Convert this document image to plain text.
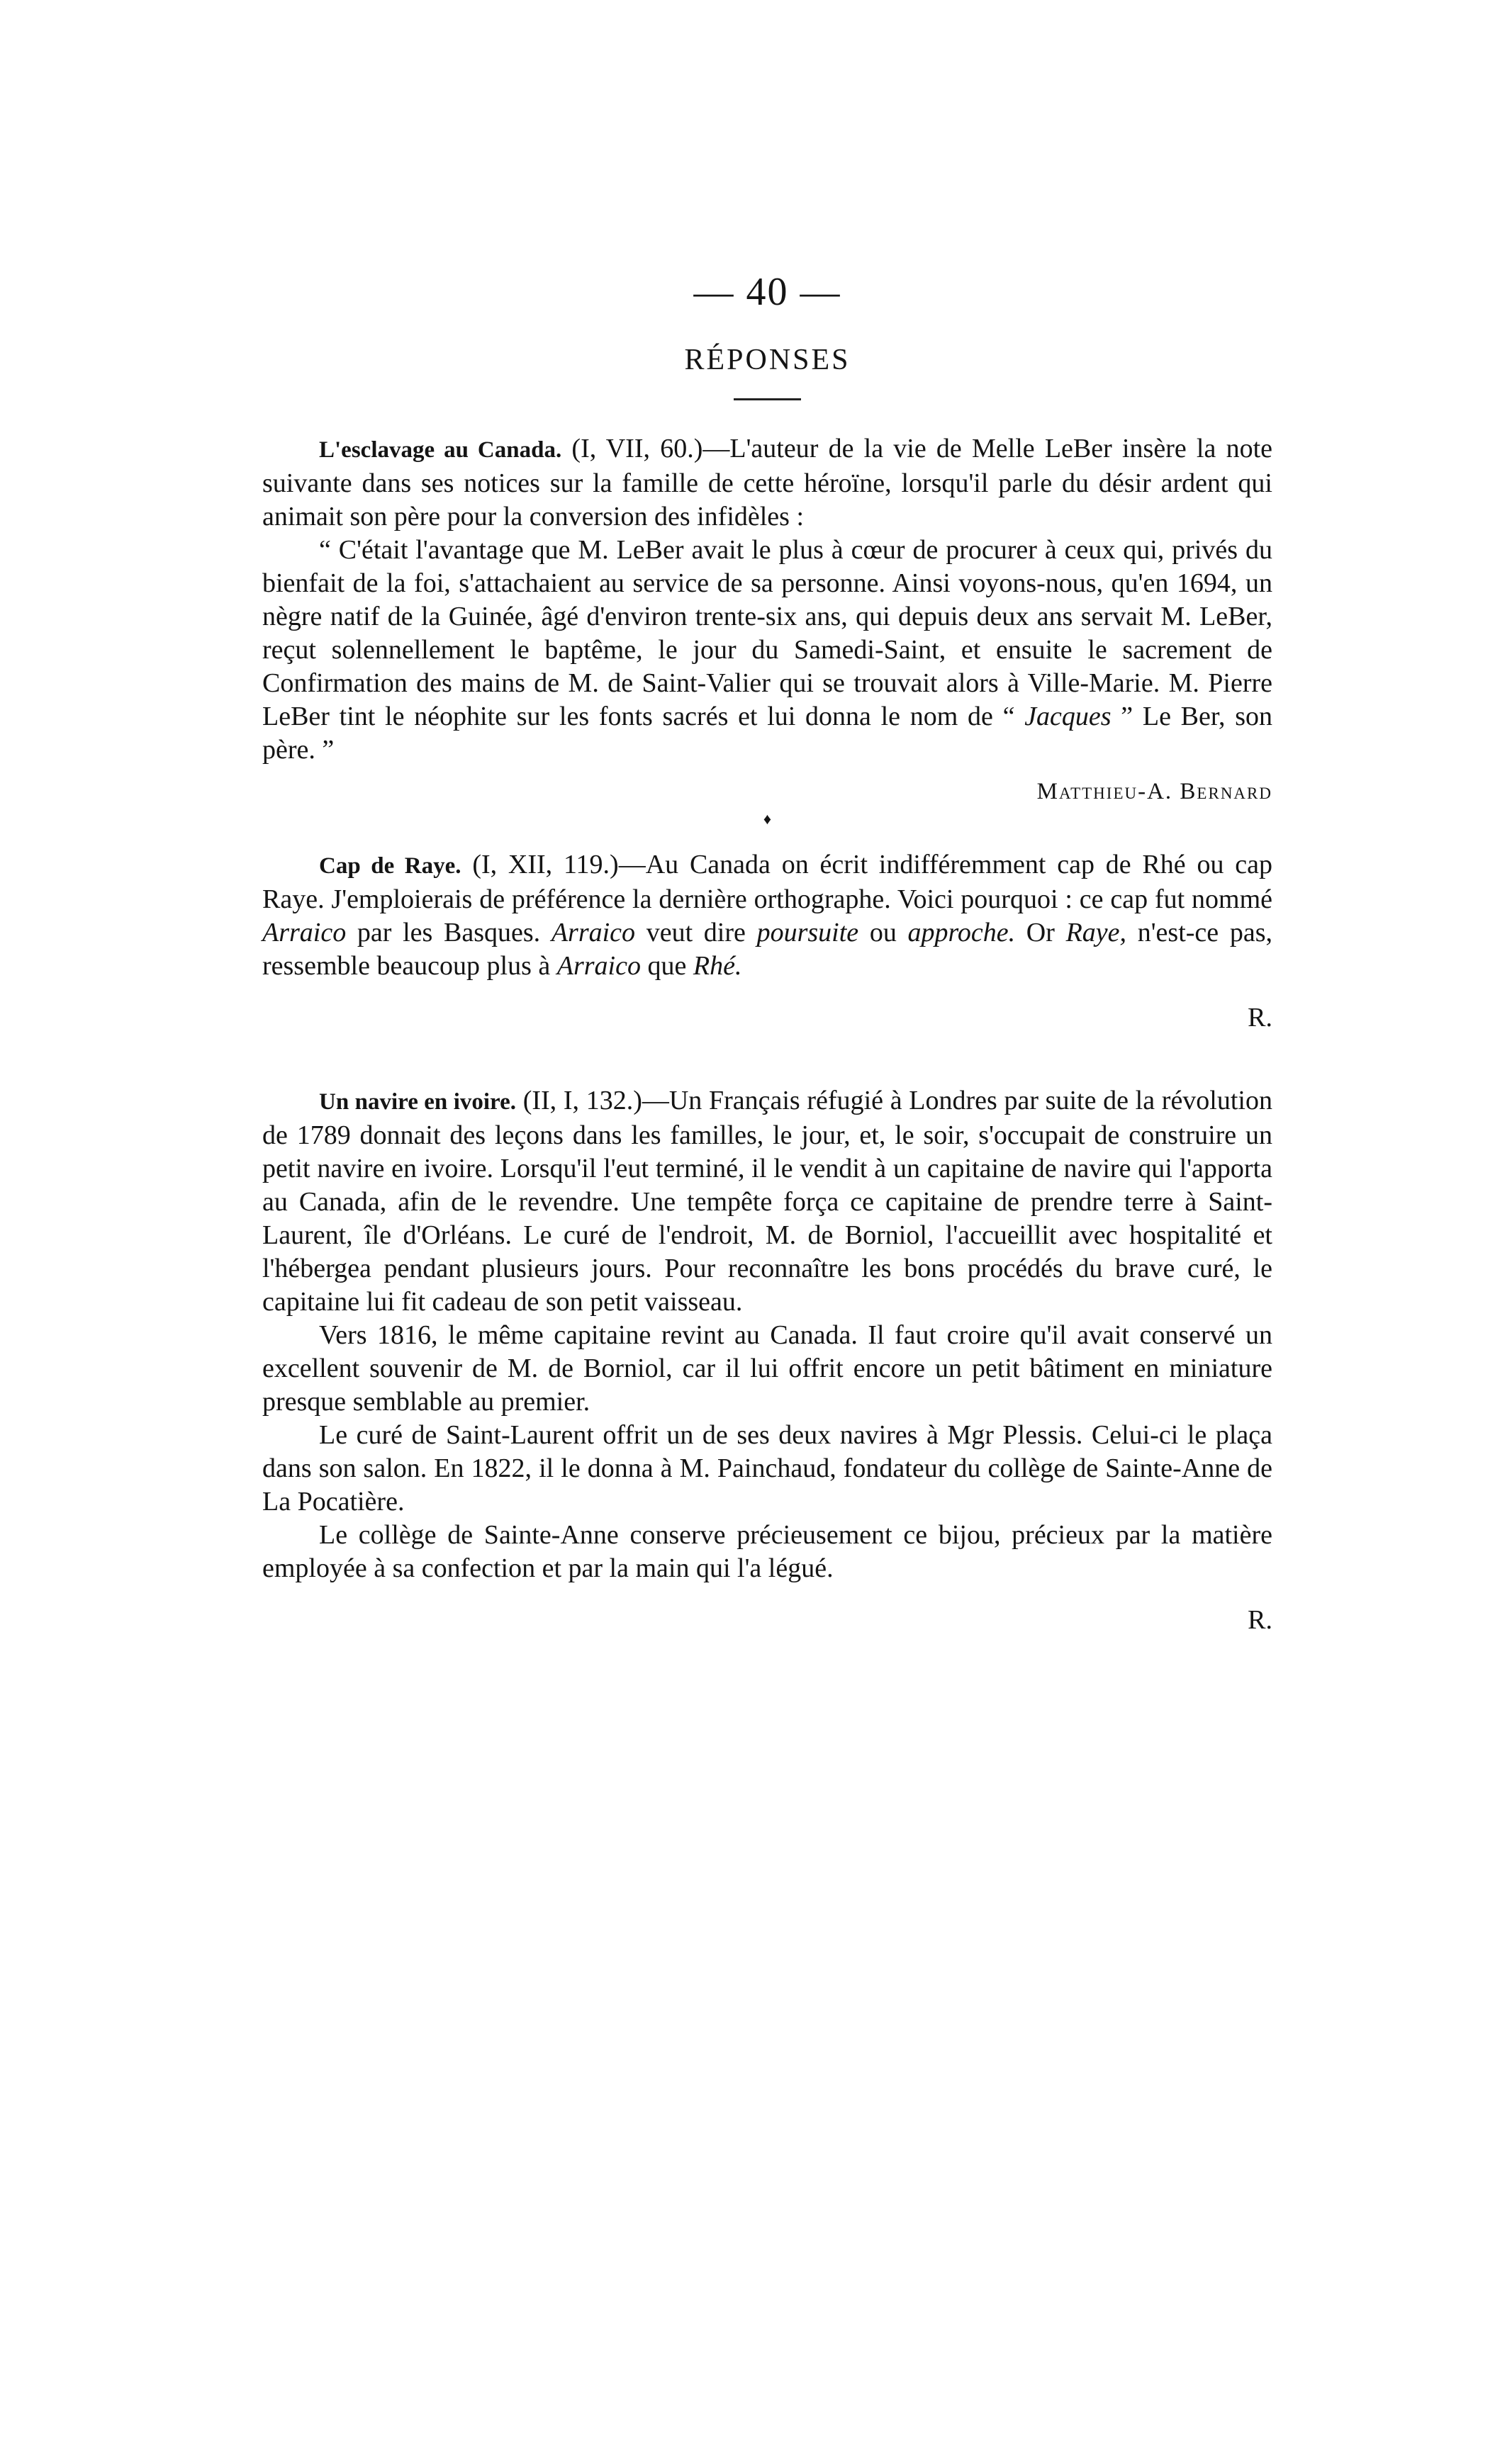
— 40 —
RÉPONSES

L'esclavage au Canada. (I, VII, 60.)—L'auteur de la vie de Melle LeBer insère la note suivante dans ses notices sur la famille de cette héroïne, lorsqu'il parle du désir ardent qui animait son père pour la conversion des infidèles :

“ C'était l'avantage que M. LeBer avait le plus à cœur de procurer à ceux qui, privés du bienfait de la foi, s'attachaient au service de sa personne. Ainsi voyons-nous, qu'en 1694, un nègre natif de la Guinée, âgé d'environ trente-six ans, qui depuis deux ans servait M. LeBer, reçut solennellement le baptême, le jour du Samedi-Saint, et ensuite le sacrement de Confirmation des mains de M. de Saint-Valier qui se trouvait alors à Ville-Marie. M. Pierre LeBer tint le néophite sur les fonts sacrés et lui donna le nom de “ Jacques ” Le Ber, son père. ”

Matthieu-A. Bernard
♦

Cap de Raye. (I, XII, 119.)—Au Canada on écrit indifféremment cap de Rhé ou cap Raye. J'emploierais de préférence la dernière orthographe. Voici pourquoi : ce cap fut nommé Arraico par les Basques. Arraico veut dire poursuite ou approche. Or Raye, n'est-ce pas, ressemble beaucoup plus à Arraico que Rhé.

R.

Un navire en ivoire. (II, I, 132.)—Un Français réfugié à Londres par suite de la révolution de 1789 donnait des leçons dans les familles, le jour, et, le soir, s'occupait de construire un petit navire en ivoire. Lorsqu'il l'eut terminé, il le vendit à un capitaine de navire qui l'apporta au Canada, afin de le revendre. Une tempête força ce capitaine de prendre terre à Saint-Laurent, île d'Orléans. Le curé de l'endroit, M. de Borniol, l'accueillit avec hospitalité et l'hébergea pendant plusieurs jours. Pour reconnaître les bons procédés du brave curé, le capitaine lui fit cadeau de son petit vaisseau.

Vers 1816, le même capitaine revint au Canada. Il faut croire qu'il avait conservé un excellent souvenir de M. de Borniol, car il lui offrit encore un petit bâtiment en miniature presque semblable au premier.

Le curé de Saint-Laurent offrit un de ses deux navires à Mgr Plessis. Celui-ci le plaça dans son salon. En 1822, il le donna à M. Painchaud, fondateur du collège de Sainte-Anne de La Pocatière.

Le collège de Sainte-Anne conserve précieusement ce bijou, précieux par la matière employée à sa confection et par la main qui l'a légué.

R.
